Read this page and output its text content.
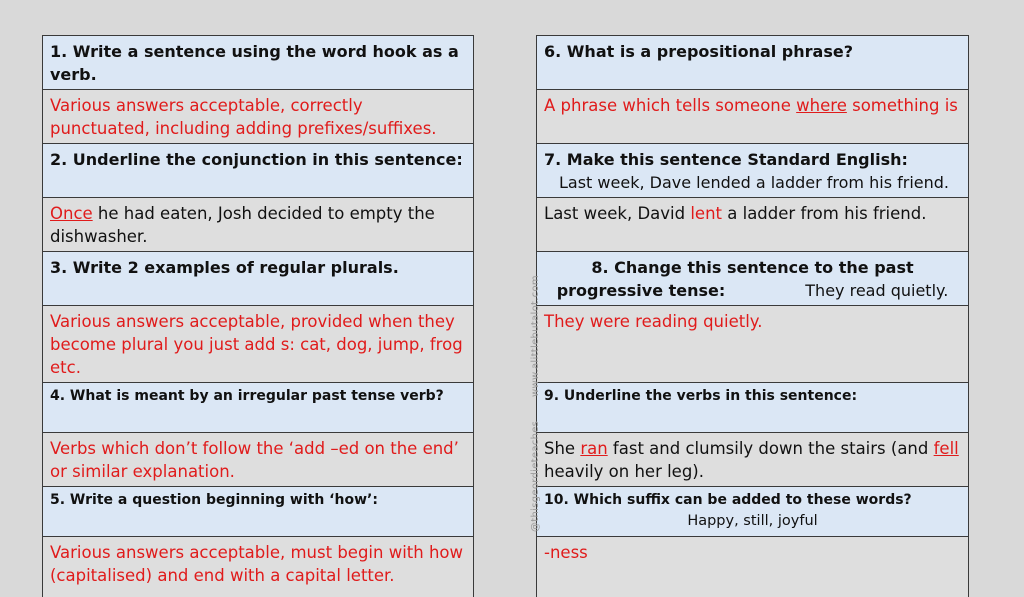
1. Write a sentence using the word hook as a verb.
Various answers acceptable, correctly punctuated, including adding prefixes/suffixes.
2. Underline the conjunction in this sentence:
Once he had eaten, Josh decided to empty the dishwasher.
3. Write 2 examples of regular plurals.
Various answers acceptable, provided when they become plural you just add s: cat, dog, jump, frog etc.
4. What is meant by an irregular past tense verb?
Verbs which don’t follow the ‘add –ed on the end’ or similar explanation.
5. Write a question beginning with ‘how’:
Various answers acceptable, must begin with how (capitalised) and end with a capital letter.
6. What is a prepositional phrase?
A phrase which tells someone where something is
7. Make this sentence Standard English:
Last week, Dave lended a ladder from his friend.
Last week, David lent a ladder from his friend.
8. Change this sentence to the past progressive tense:	They read quietly.
They were reading quietly.
9. Underline the verbs in this sentence:
She ran fast and clumsily down the stairs (and fell heavily on her leg).
10. Which suffix can be added to these words?
Happy, still, joyful
-ness
www.alittlebutalot.com
@thisgeordieteaches
